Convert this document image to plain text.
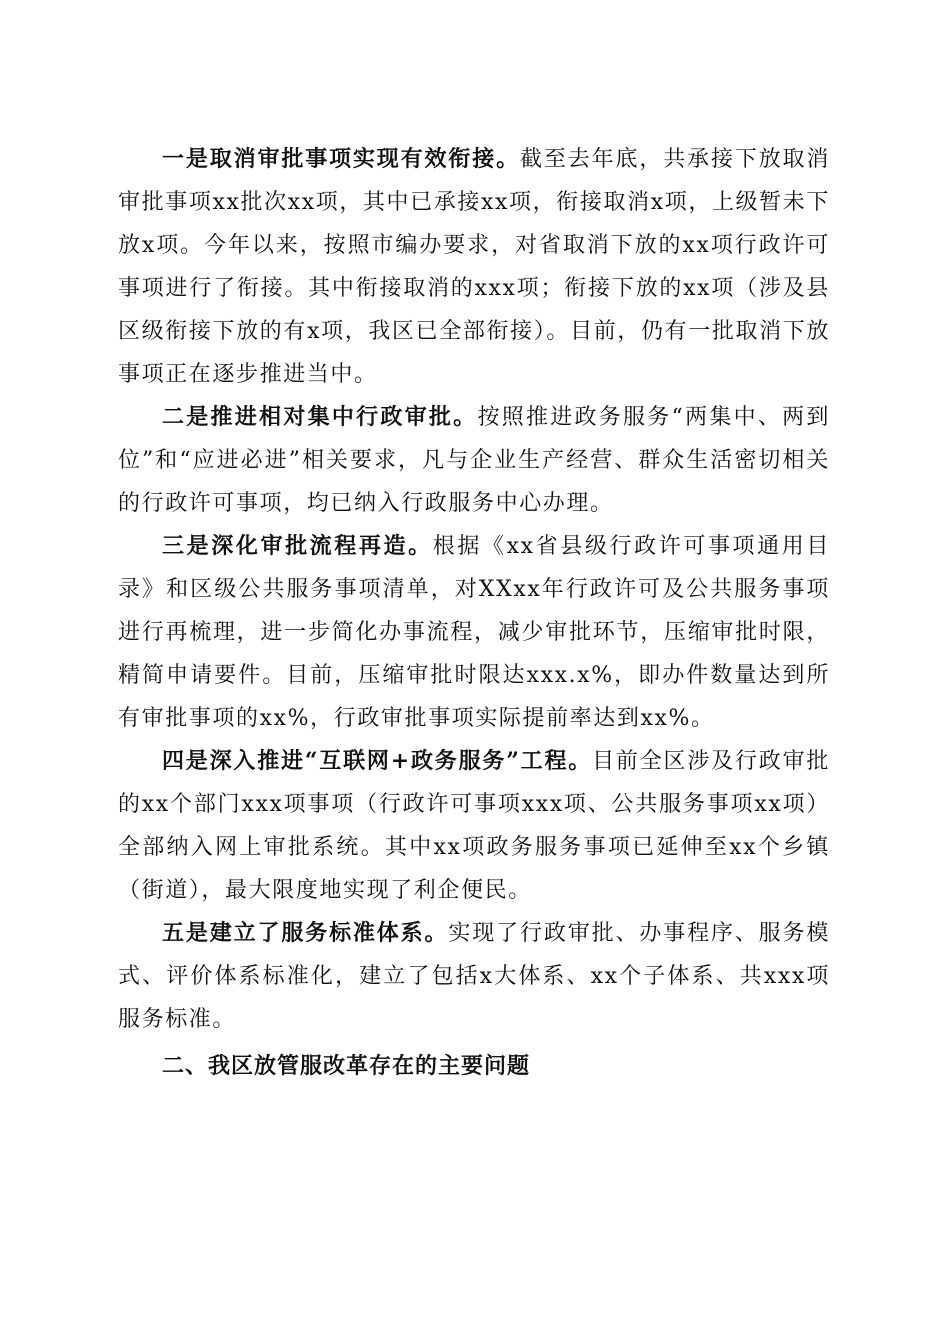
一是取消审批事项实现有效衔接。截至去年底，共承接下放取消审批事项xx批次xx项，其中已承接xx项，衔接取消x项，上级暂未下放x项。今年以来，按照市编办要求，对省取消下放的xx项行政许可事项进行了衔接。其中衔接取消的xxx项；衔接下放的xx项（涉及县区级衔接下放的有x项，我区已全部衔接）。目前，仍有一批取消下放事项正在逐步推进当中。

二是推进相对集中行政审批。按照推进政务服务“两集中、两到位”和“应进必进”相关要求，凡与企业生产经营、群众生活密切相关的行政许可事项，均已纳入行政服务中心办理。

三是深化审批流程再造。根据《xx省县级行政许可事项通用目录》和区级公共服务事项清单，对XXxx年行政许可及公共服务事项进行再梳理，进一步简化办事流程，减少审批环节，压缩审批时限，精简申请要件。目前，压缩审批时限达xxx.x%，即办件数量达到所有审批事项的xx%，行政审批事项实际提前率达到xx%。

四是深入推进“互联网+政务服务”工程。目前全区涉及行政审批的xx个部门xxx项事项（行政许可事项xxx项、公共服务事项xx项）全部纳入网上审批系统。其中xx项政务服务事项已延伸至xx个乡镇（街道），最大限度地实现了利企便民。

五是建立了服务标准体系。实现了行政审批、办事程序、服务模式、评价体系标准化，建立了包括x大体系、xx个子体系、共xxx项服务标准。

二、我区放管服改革存在的主要问题
